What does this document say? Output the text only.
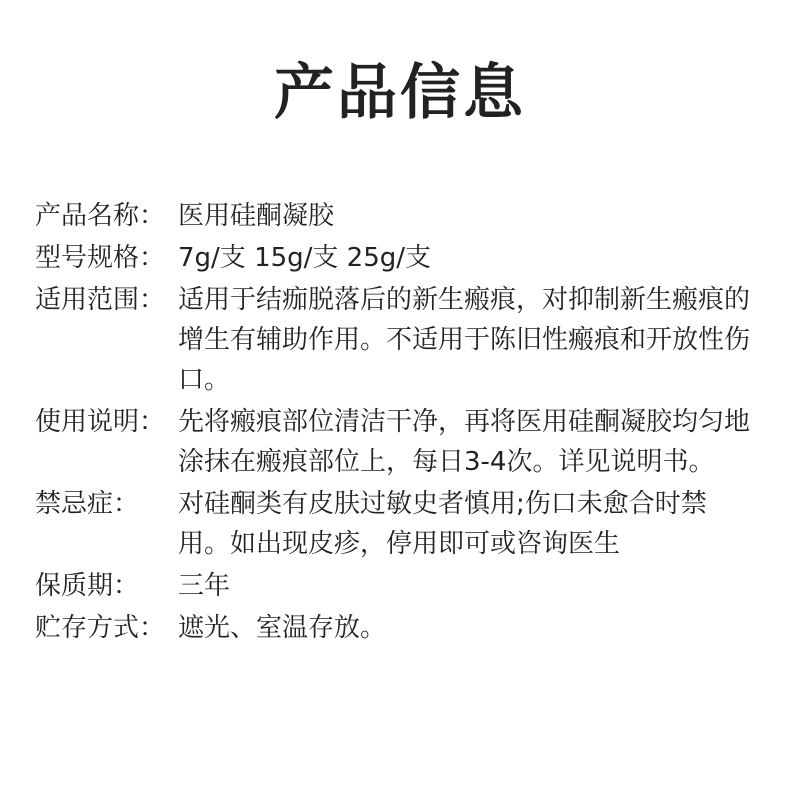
产品信息
产品名称： 医用硅酮凝胶
型号规格： 7g/支 15g/支 25g/支
适用范围： 适用于结痂脱落后的新生瘢痕，对抑制新生瘢痕的增生有辅助作用。不适用于陈旧性瘢痕和开放性伤口。
使用说明： 先将瘢痕部位清洁干净，再将医用硅酮凝胶均匀地涂抹在瘢痕部位上，每日3-4次。详见说明书。
禁忌症：	对硅酮类有皮肤过敏史者慎用;伤口未愈合时禁用。如出现皮疹，停用即可或咨询医生
保质期：	三年
贮存方式： 遮光、室温存放。
